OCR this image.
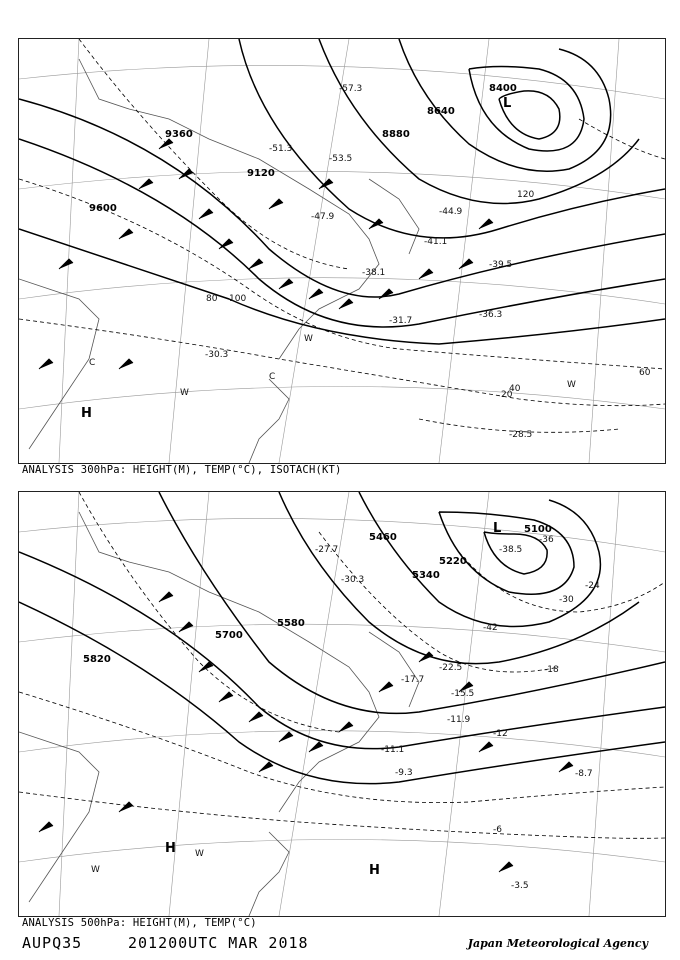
8400
8640
8880
9120
9360
9600
20
40
60
80 100
120
-57.3
-53.5
-51.3
-47.9	-44.9
-41.1
-39.5
-38.1
-36.3
-31.7
-30.3
-28.5
L
H
W
W
W
C
C
ANALYSIS 300hPa: HEIGHT(M), TEMP(°C), ISOTACH(KT)
5100
5220
5340
5460
5580
5700
5820
-42
-36
-30
-24
-18
-12
-6
-38.5
-30.3
-27.7
-22.5
-17.7
-15.5
-11.9
-11.1
-9.3	-8.7
-3.5
L
H
H
W
W
ANALYSIS 500hPa: HEIGHT(M), TEMP(°C)
AUPQ35	201200UTC MAR 2018	Japan Meteorological Agency
